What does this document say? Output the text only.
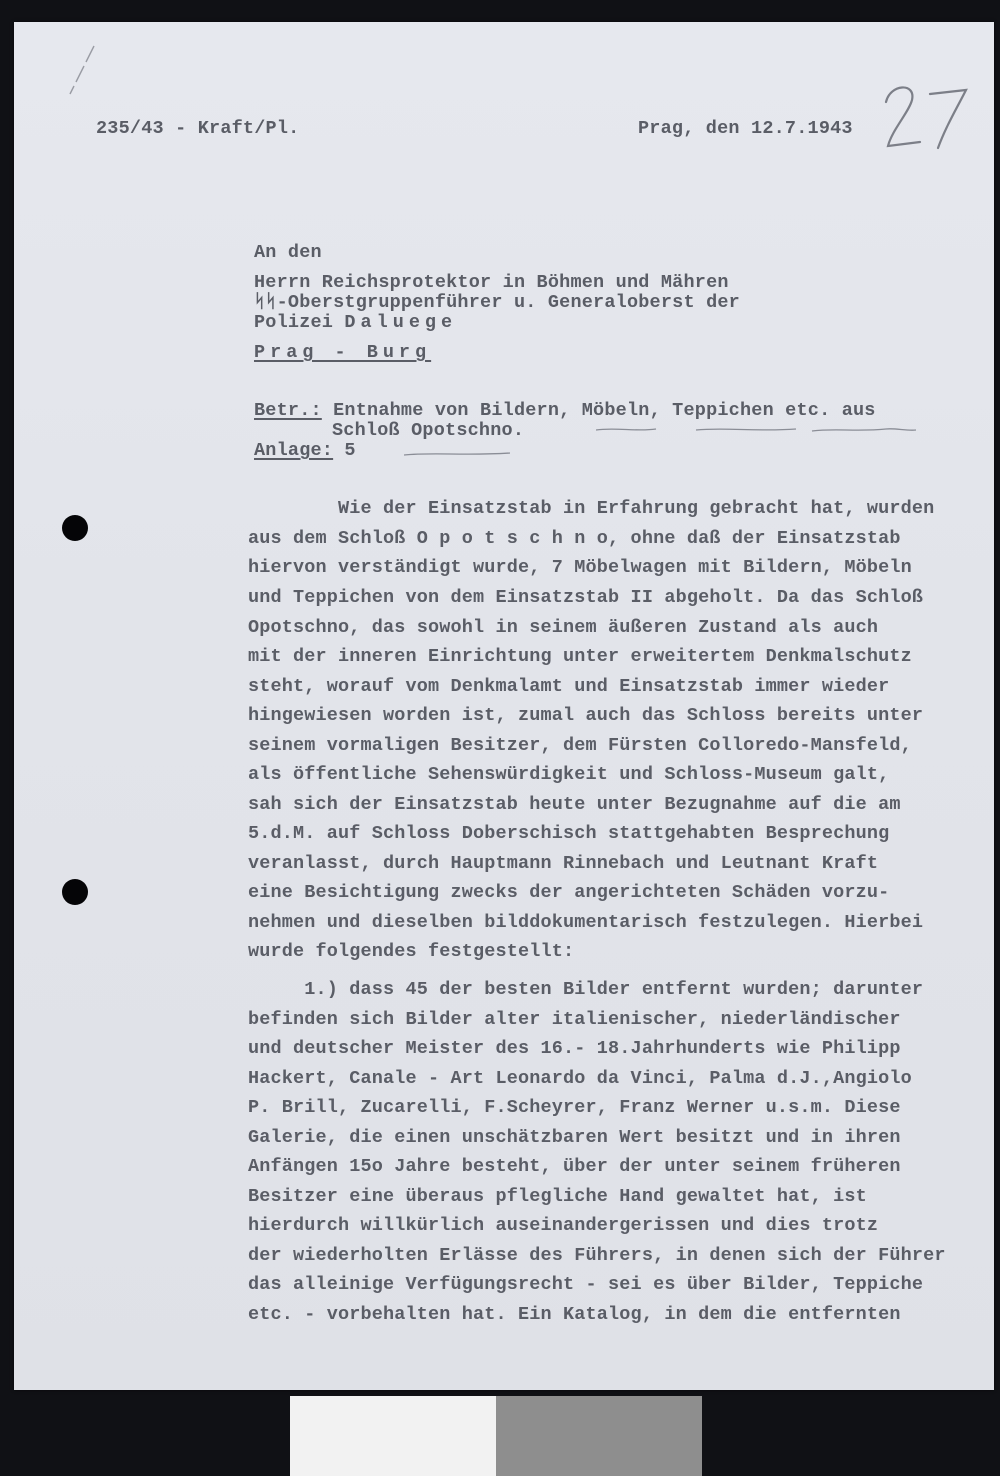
235/43 - Kraft/Pl.	Prag, den 12.7.1943
An den
Herrn Reichsprotektor in Böhmen und Mähren
ᛋᛋ-Oberstgruppenführer u. Generaloberst der
Polizei Daluege
Prag - Burg
Betr.: Entnahme von Bildern, Möbeln, Teppichen etc. aus
Schloß Opotschno.
Anlage: 5
Wie der Einsatzstab in Erfahrung gebracht hat, wurden
aus dem Schloß O p o t s c h n o, ohne daß der Einsatzstab
hiervon verständigt wurde, 7 Möbelwagen mit Bildern, Möbeln
und Teppichen von dem Einsatzstab II abgeholt. Da das Schloß
Opotschno, das sowohl in seinem äußeren Zustand als auch
mit der inneren Einrichtung unter erweitertem Denkmalschutz
steht, worauf vom Denkmalamt und Einsatzstab immer wieder
hingewiesen worden ist, zumal auch das Schloss bereits unter
seinem vormaligen Besitzer, dem Fürsten Colloredo-Mansfeld,
als öffentliche Sehenswürdigkeit und Schloss-Museum galt,
sah sich der Einsatzstab heute unter Bezugnahme auf die am
5.d.M. auf Schloss Doberschisch stattgehabten Besprechung
veranlasst, durch Hauptmann Rinnebach und Leutnant Kraft
eine Besichtigung zwecks der angerichteten Schäden vorzu-
nehmen und dieselben bilddokumentarisch festzulegen. Hierbei
wurde folgendes festgestellt:
1.) dass 45 der besten Bilder entfernt wurden; darunter
befinden sich Bilder alter italienischer, niederländischer
und deutscher Meister des 16.- 18.Jahrhunderts wie Philipp
Hackert, Canale - Art Leonardo da Vinci, Palma d.J.,Angiolo
P. Brill, Zucarelli, F.Scheyrer, Franz Werner u.s.m. Diese
Galerie, die einen unschätzbaren Wert besitzt und in ihren
Anfängen 15o Jahre besteht, über der unter seinem früheren
Besitzer eine überaus pflegliche Hand gewaltet hat, ist
hierdurch willkürlich auseinandergerissen und dies trotz
der wiederholten Erlässe des Führers, in denen sich der Führer
das alleinige Verfügungsrecht - sei es über Bilder, Teppiche
etc. - vorbehalten hat. Ein Katalog, in dem die entfernten
